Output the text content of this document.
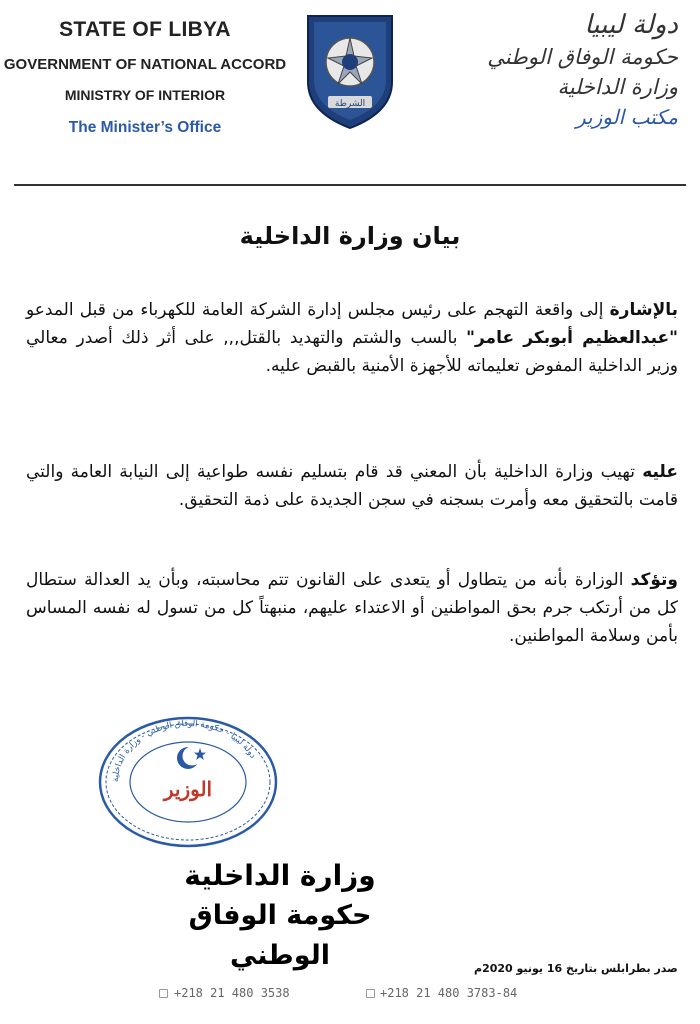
STATE OF LIBYA
GOVERNMENT OF NATIONAL ACCORD
MINISTRY OF INTERIOR
The Minister’s Office
الشرطة
دولة ليبيا
حكومة الوفاق الوطني
وزارة الداخلية
مكتب الوزير
بيان وزارة الداخلية
بالإشارة إلى واقعة التهجم على رئيس مجلس إدارة الشركة العامة للكهرباء من قبل المدعو "عبدالعظيم أبوبكر عامر" بالسب والشتم والتهديد بالقتل,,, على أثر ذلك أصدر معالي وزير الداخلية المفوض تعليماته للأجهزة الأمنية بالقبض عليه.
عليه تهيب وزارة الداخلية بأن المعني قد قام بتسليم نفسه طواعية إلى النيابة العامة والتي قامت بالتحقيق معه وأمرت بسجنه في سجن الجديدة على ذمة التحقيق.
وتؤكد الوزارة بأنه من يتطاول أو يتعدى على القانون تتم محاسبته، وبأن يد العدالة ستطال كل من أرتكب جرم بحق المواطنين أو الاعتداء عليهم، منبهتاً كل من تسول له نفسه المساس بأمن وسلامة المواطنين.
دولة ليبيا - حكومة الوفاق الوطني - وزارة الداخلية
الوزير
وزارة الداخلية
حكومة الوفاق الوطني	صدر بطرابلس بتاريخ 16 يونيو 2020م
+218 21 480 3538	+218 21 480 3783-84
